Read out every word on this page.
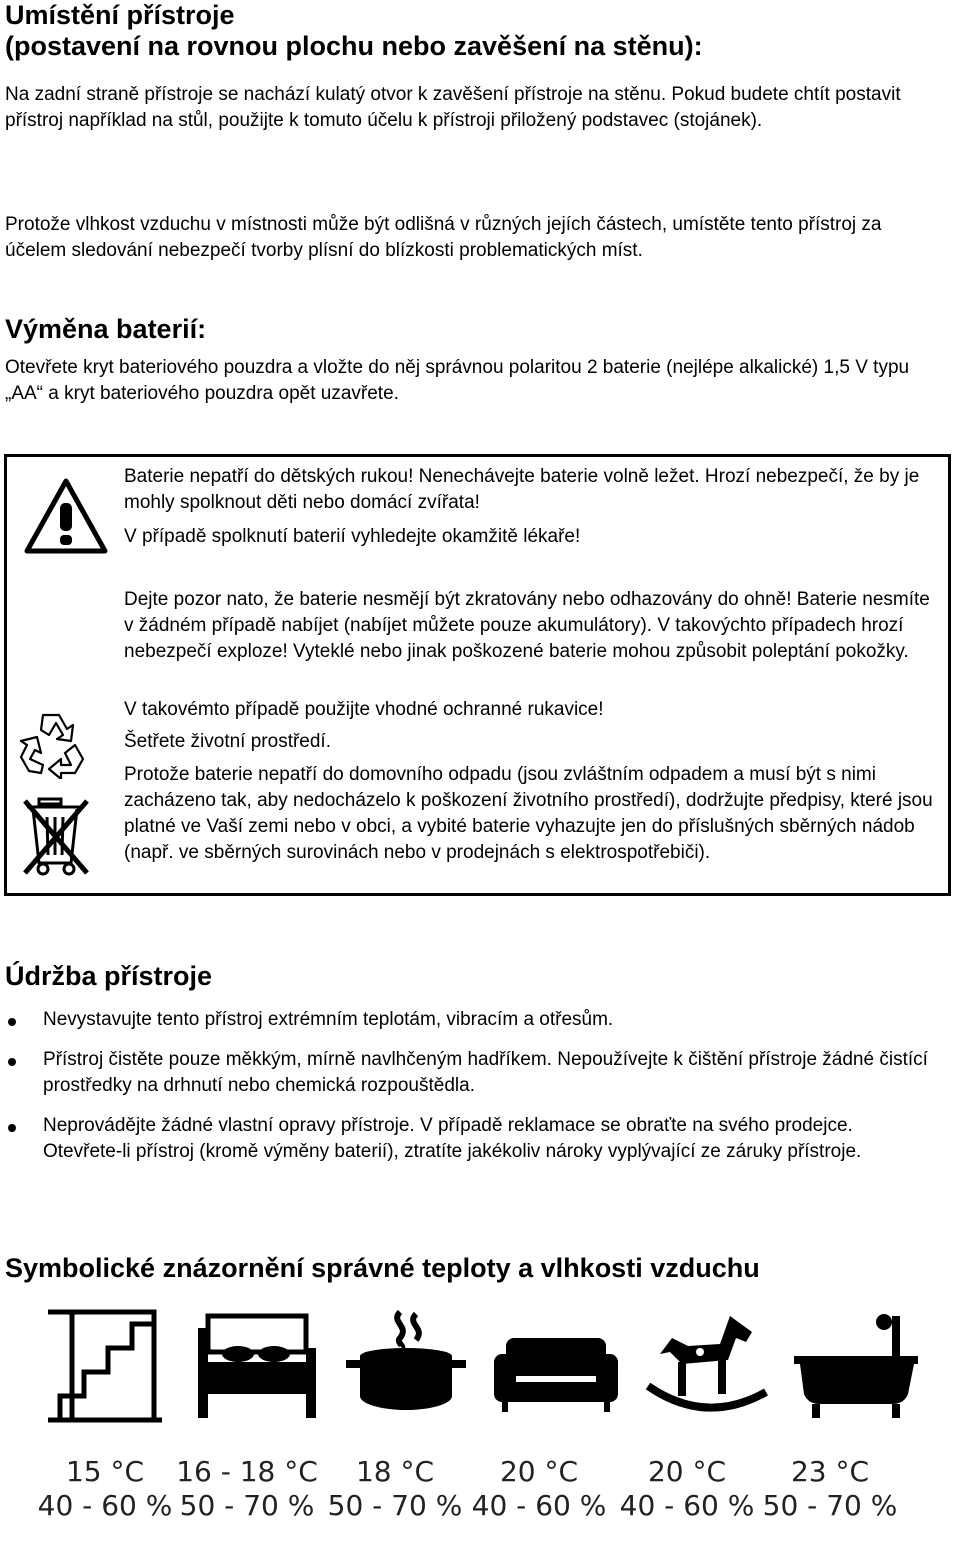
Umístění přístroje
(postavení na rovnou plochu nebo zavěšení na stěnu):

Na zadní straně přístroje se nachází kulatý otvor k zavěšení přístroje na stěnu. Pokud budete chtít postavit přístroj například na stůl, použijte k tomuto účelu k přístroji přiložený podstavec (stojánek).

Protože vlhkost vzduchu v místnosti může být odlišná v různých jejích částech, umístěte tento přístroj za účelem sledování nebezpečí tvorby plísní do blízkosti problematických míst.

Výměna baterií:

Otevřete kryt bateriového pouzdra a vložte do něj správnou polaritou 2 baterie (nejlépe alkalické) 1,5 V typu „AA“ a kryt bateriového pouzdra opět uzavřete.

Baterie nepatří do dětských rukou! Nenechávejte baterie volně ležet. Hrozí nebezpečí, že by je mohly spolknout děti nebo domácí zvířata!

V případě spolknutí baterií vyhledejte okamžitě lékaře!

Dejte pozor nato, že baterie nesmějí být zkratovány nebo odhazovány do ohně! Baterie nesmíte v žádném případě nabíjet (nabíjet můžete pouze akumulátory). V takovýchto případech hrozí nebezpečí exploze! Vyteklé nebo jinak poškozené baterie mohou způsobit poleptání pokožky.

V takovémto případě použijte vhodné ochranné rukavice!

Šetřete životní prostředí.

Protože baterie nepatří do domovního odpadu (jsou zvláštním odpadem a musí být s nimi zacházeno tak, aby nedocházelo k poškození životního prostředí), dodržujte předpisy, které jsou platné ve Vaší zemi nebo v obci, a vybité baterie vyhazujte jen do příslušných sběrných nádob (např. ve sběrných surovinách nebo v prodejnách s elektrospotřebiči).

Údržba přístroje
Nevystavujte tento přístroj extrémním teplotám, vibracím a otřesům.
Přístroj čistěte pouze měkkým, mírně navlhčeným hadříkem. Nepoužívejte k čištění přístroje žádné čistící prostředky na drhnutí nebo chemická rozpouštědla.
Neprovádějte žádné vlastní opravy přístroje. V případě reklamace se obraťte na svého prodejce. Otevřete-li přístroj (kromě výměny baterií), ztratíte jakékoliv nároky vyplývající ze záruky přístroje.
Symbolické znázornění správné teploty a vlhkosti vzduchu
15 °C
40 - 60 %
16 - 18 °C
50 - 70 %
18 °C
50 - 70 %
20 °C
40 - 60 %
20 °C
40 - 60 %
23 °C
50 - 70 %
